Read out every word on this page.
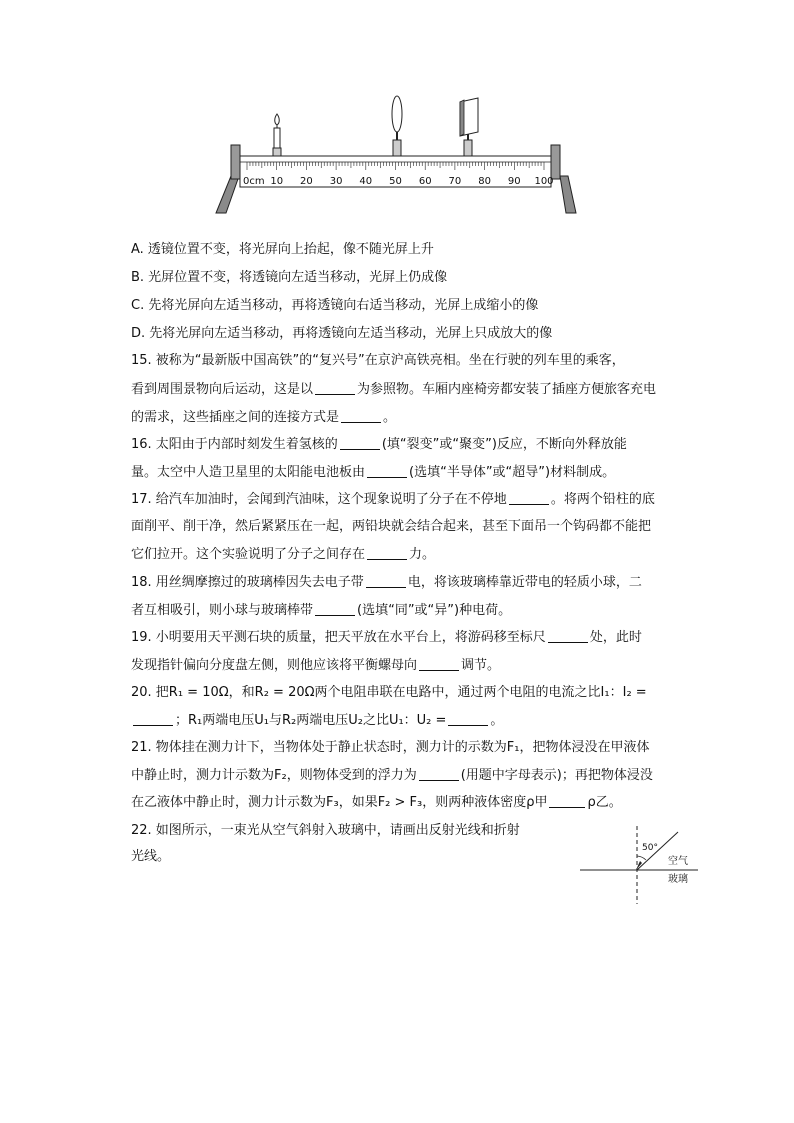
0cm 10 20 30 40 50 60 70 80 90 100
A. 透镜位置不变，将光屏向上抬起，像不随光屏上升
B. 光屏位置不变，将透镜向左适当移动，光屏上仍成像
C. 先将光屏向左适当移动，再将透镜向右适当移动，光屏上成缩小的像
D. 先将光屏向左适当移动，再将透镜向左适当移动，光屏上只成放大的像
15. 被称为“最新版中国高铁”的“复兴号”在京沪高铁亮相。坐在行驶的列车里的乘客，
看到周围景物向后运动，这是以	为参照物。车厢内座椅旁都安装了插座方便旅客充电
的需求，这些插座之间的连接方式是	。
16. 太阳由于内部时刻发生着氢核的	(填“裂变”或“聚变”)反应，不断向外释放能
量。太空中人造卫星里的太阳能电池板由	(选填“半导体”或“超导”)材料制成。
17. 给汽车加油时，会闻到汽油味，这个现象说明了分子在不停地	。将两个铅柱的底
面削平、削干净，然后紧紧压在一起，两铅块就会结合起来，甚至下面吊一个钩码都不能把
它们拉开。这个实验说明了分子之间存在	力。
18. 用丝绸摩擦过的玻璃棒因失去电子带	电，将该玻璃棒靠近带电的轻质小球，二
者互相吸引，则小球与玻璃棒带	(选填“同”或“异”)种电荷。
19. 小明要用天平测石块的质量，把天平放在水平台上，将游码移至标尺	处，此时
发现指针偏向分度盘左侧，则他应该将平衡螺母向	调节。
20. 把R₁ = 10Ω，和R₂ = 20Ω两个电阻串联在电路中，通过两个电阻的电流之比I₁：I₂ =
；R₁两端电压U₁与R₂两端电压U₂之比U₁：U₂ =	。
21. 物体挂在测力计下，当物体处于静止状态时，测力计的示数为F₁，把物体浸没在甲液体
中静止时，测力计示数为F₂，则物体受到的浮力为	(用题中字母表示)；再把物体浸没
在乙液体中静止时，测力计示数为F₃，如果F₂ > F₃，则两种液体密度ρ甲	ρ乙。
22. 如图所示，一束光从空气斜射入玻璃中，请画出反射光线和折射
光线。
50°
空气
玻璃
